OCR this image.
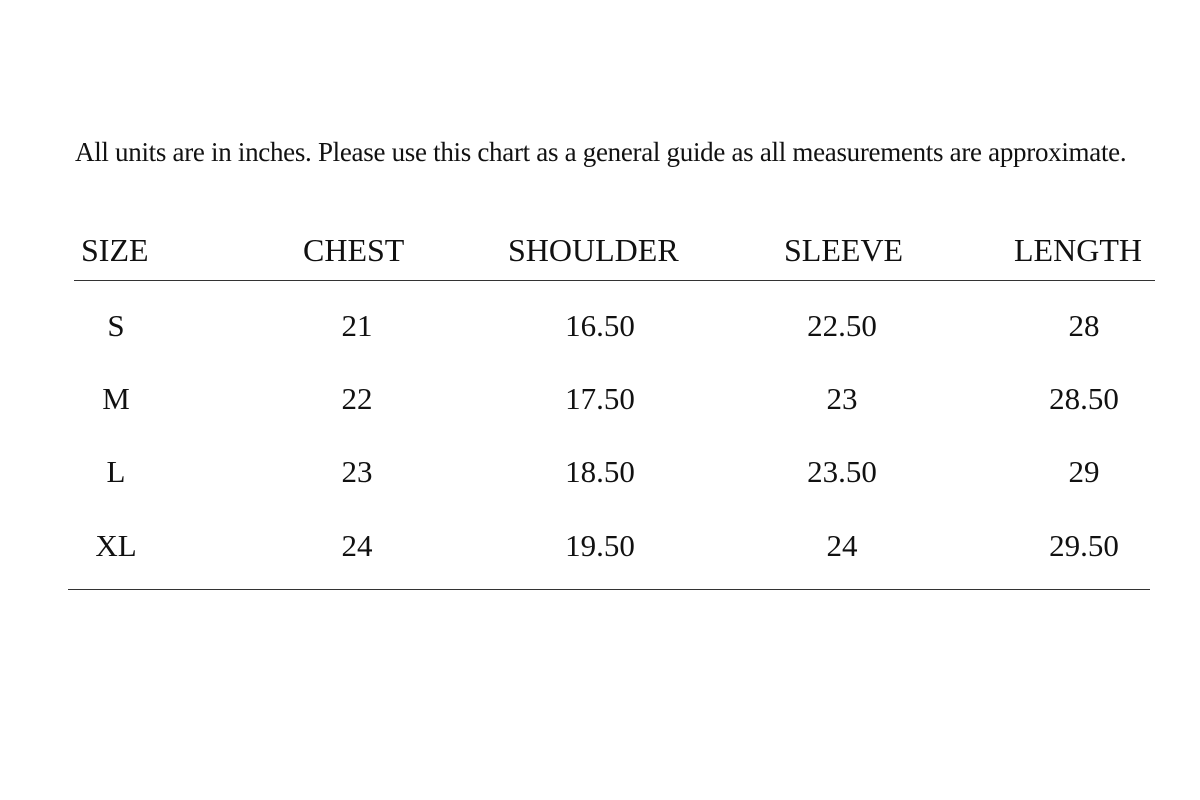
All units are in inches. Please use this chart as a general guide as all measurements are approximate.
SIZE	CHEST	SHOULDER	SLEEVE	LENGTH
S	21	16.50	22.50	28
M	22	17.50	23	28.50
L	23	18.50	23.50	29
XL	24	19.50	24	29.50
